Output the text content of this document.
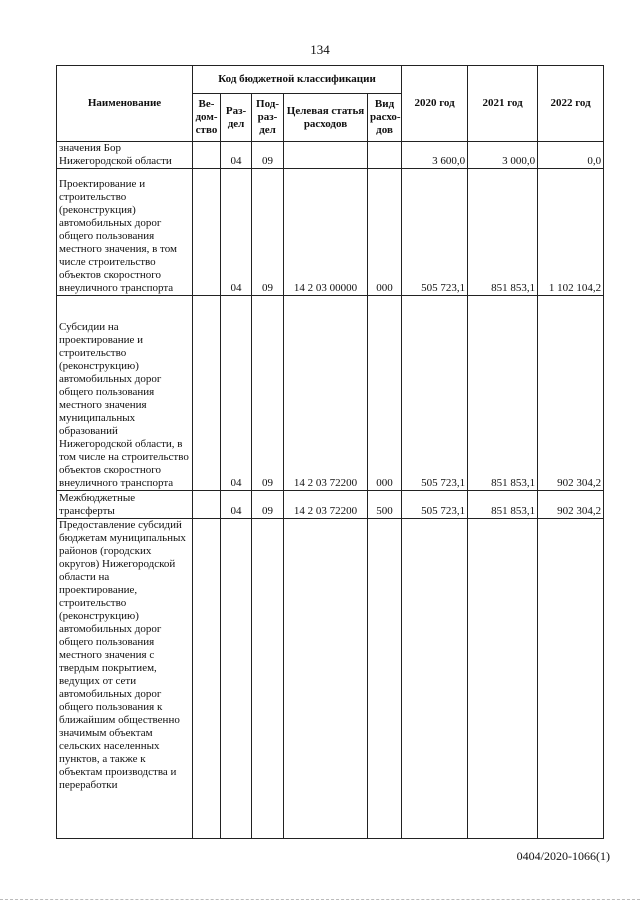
134
Наименование	Код бюджетной классификации					2020 год	2021 год	2022 год
	Ве-дом-ство	Раз-дел	Под-раз-дел	Целевая статья расходов	Вид расхо-дов			
значения Бор Нижегородской области		04	09			3 600,0	3 000,0	0,0
Проектирование и строительство (реконструкция) автомобильных дорог общего пользования местного значения, в том числе строительство объектов скоростного внеуличного транспорта		04	09	14 2 03 00000	000	505 723,1	851 853,1	1 102 104,2
Субсидии на проектирование и строительство (реконструкцию) автомобильных дорог общего пользования местного значения муниципальных образований Нижегородской области, в том числе на строительство объектов скоростного внеуличного транспорта		04	09	14 2 03 72200	000	505 723,1	851 853,1	902 304,2
Межбюджетные трансферты		04	09	14 2 03 72200	500	505 723,1	851 853,1	902 304,2
Предоставление субсидий бюджетам муниципальных районов (городских округов) Нижегородской области на проектирование, строительство (реконструкцию) автомобильных дорог общего пользования местного значения с твердым покрытием, ведущих от сети автомобильных дорог общего пользования к ближайшим общественно значимым объектам сельских населенных пунктов, а также к объектам производства и переработки								
0404/2020-1066(1)
